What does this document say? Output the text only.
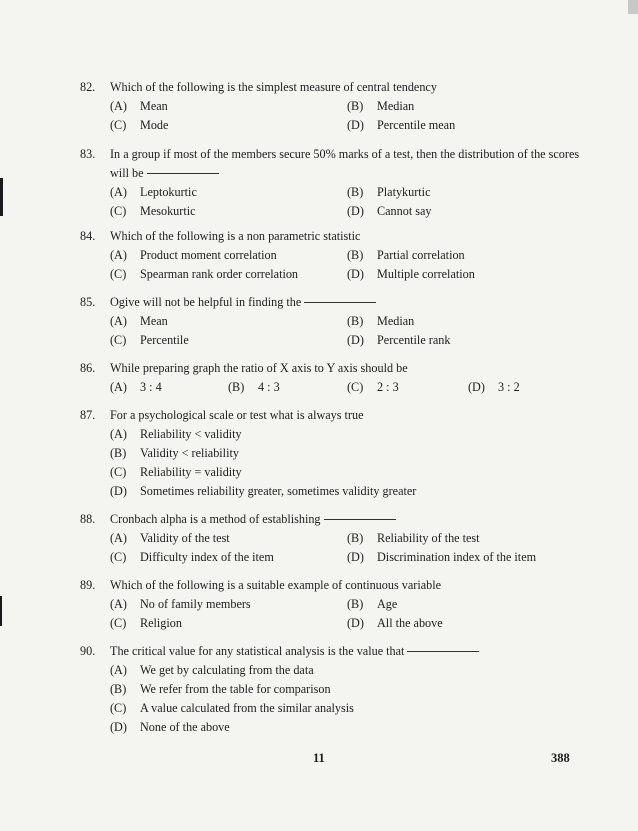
82.	Which of the following is the simplest measure of central tendency
(A) Mean	(B) Median
(C) Mode	(D) Percentile mean
83.	In a group if most of the members secure 50% marks of a test, then the distribution of the scores will be
(A) Leptokurtic	(B) Platykurtic
(C) Mesokurtic	(D) Cannot say
84.	Which of the following is a non parametric statistic
(A) Product moment correlation	(B) Partial correlation
(C) Spearman rank order correlation	(D) Multiple correlation
85.	Ogive will not be helpful in finding the
(A) Mean	(B) Median
(C) Percentile	(D) Percentile rank
86.	While preparing graph the ratio of X axis to Y axis should be
(A) 3 : 4	(B) 4 : 3	(C) 2 : 3	(D) 3 : 2
87.	For a psychological scale or test what is always true
(A) Reliability < validity
(B) Validity < reliability
(C) Reliability = validity
(D) Sometimes reliability greater, sometimes validity greater
88.	Cronbach alpha is a method of establishing
(A) Validity of the test	(B) Reliability of the test
(C) Difficulty index of the item	(D) Discrimination index of the item
89.	Which of the following is a suitable example of continuous variable
(A) No of family members	(B) Age
(C) Religion	(D) All the above
90.	The critical value for any statistical analysis is the value that
(A) We get by calculating from the data
(B) We refer from the table for comparison
(C) A value calculated from the similar analysis
(D) None of the above
11	388
